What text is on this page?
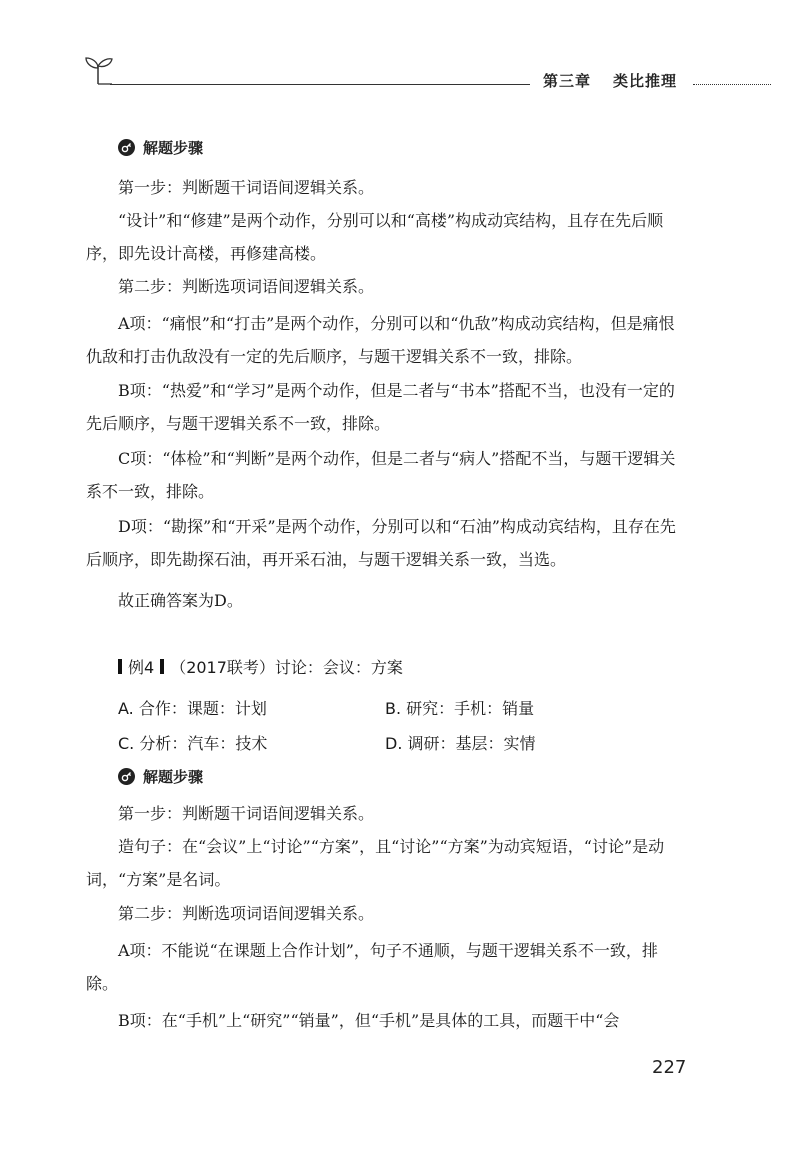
第三章 类比推理
解题步骤
第一步：判断题干词语间逻辑关系。
“设计”和“修建”是两个动作，分别可以和“高楼”构成动宾结构，且存在先后顺序，即先设计高楼，再修建高楼。
第二步：判断选项词语间逻辑关系。
A项：“痛恨”和“打击”是两个动作，分别可以和“仇敌”构成动宾结构，但是痛恨仇敌和打击仇敌没有一定的先后顺序，与题干逻辑关系不一致，排除。
B项：“热爱”和“学习”是两个动作，但是二者与“书本”搭配不当，也没有一定的先后顺序，与题干逻辑关系不一致，排除。
C项：“体检”和“判断”是两个动作，但是二者与“病人”搭配不当，与题干逻辑关系不一致，排除。
D项：“勘探”和“开采”是两个动作，分别可以和“石油”构成动宾结构，且存在先后顺序，即先勘探石油，再开采石油，与题干逻辑关系一致，当选。
故正确答案为D。
例4 （2017联考） 讨论：会议：方案
A. 合作：课题：计划	B. 研究：手机：销量
C. 分析：汽车：技术	D. 调研：基层：实情
解题步骤
第一步：判断题干词语间逻辑关系。
造句子：在“会议”上“讨论”“方案”，且“讨论”“方案”为动宾短语，“讨论”是动词，“方案”是名词。
第二步：判断选项词语间逻辑关系。
A项：不能说“在课题上合作计划”，句子不通顺，与题干逻辑关系不一致，排除。
B项：在“手机”上“研究”“销量”，但“手机”是具体的工具，而题干中“会
227
